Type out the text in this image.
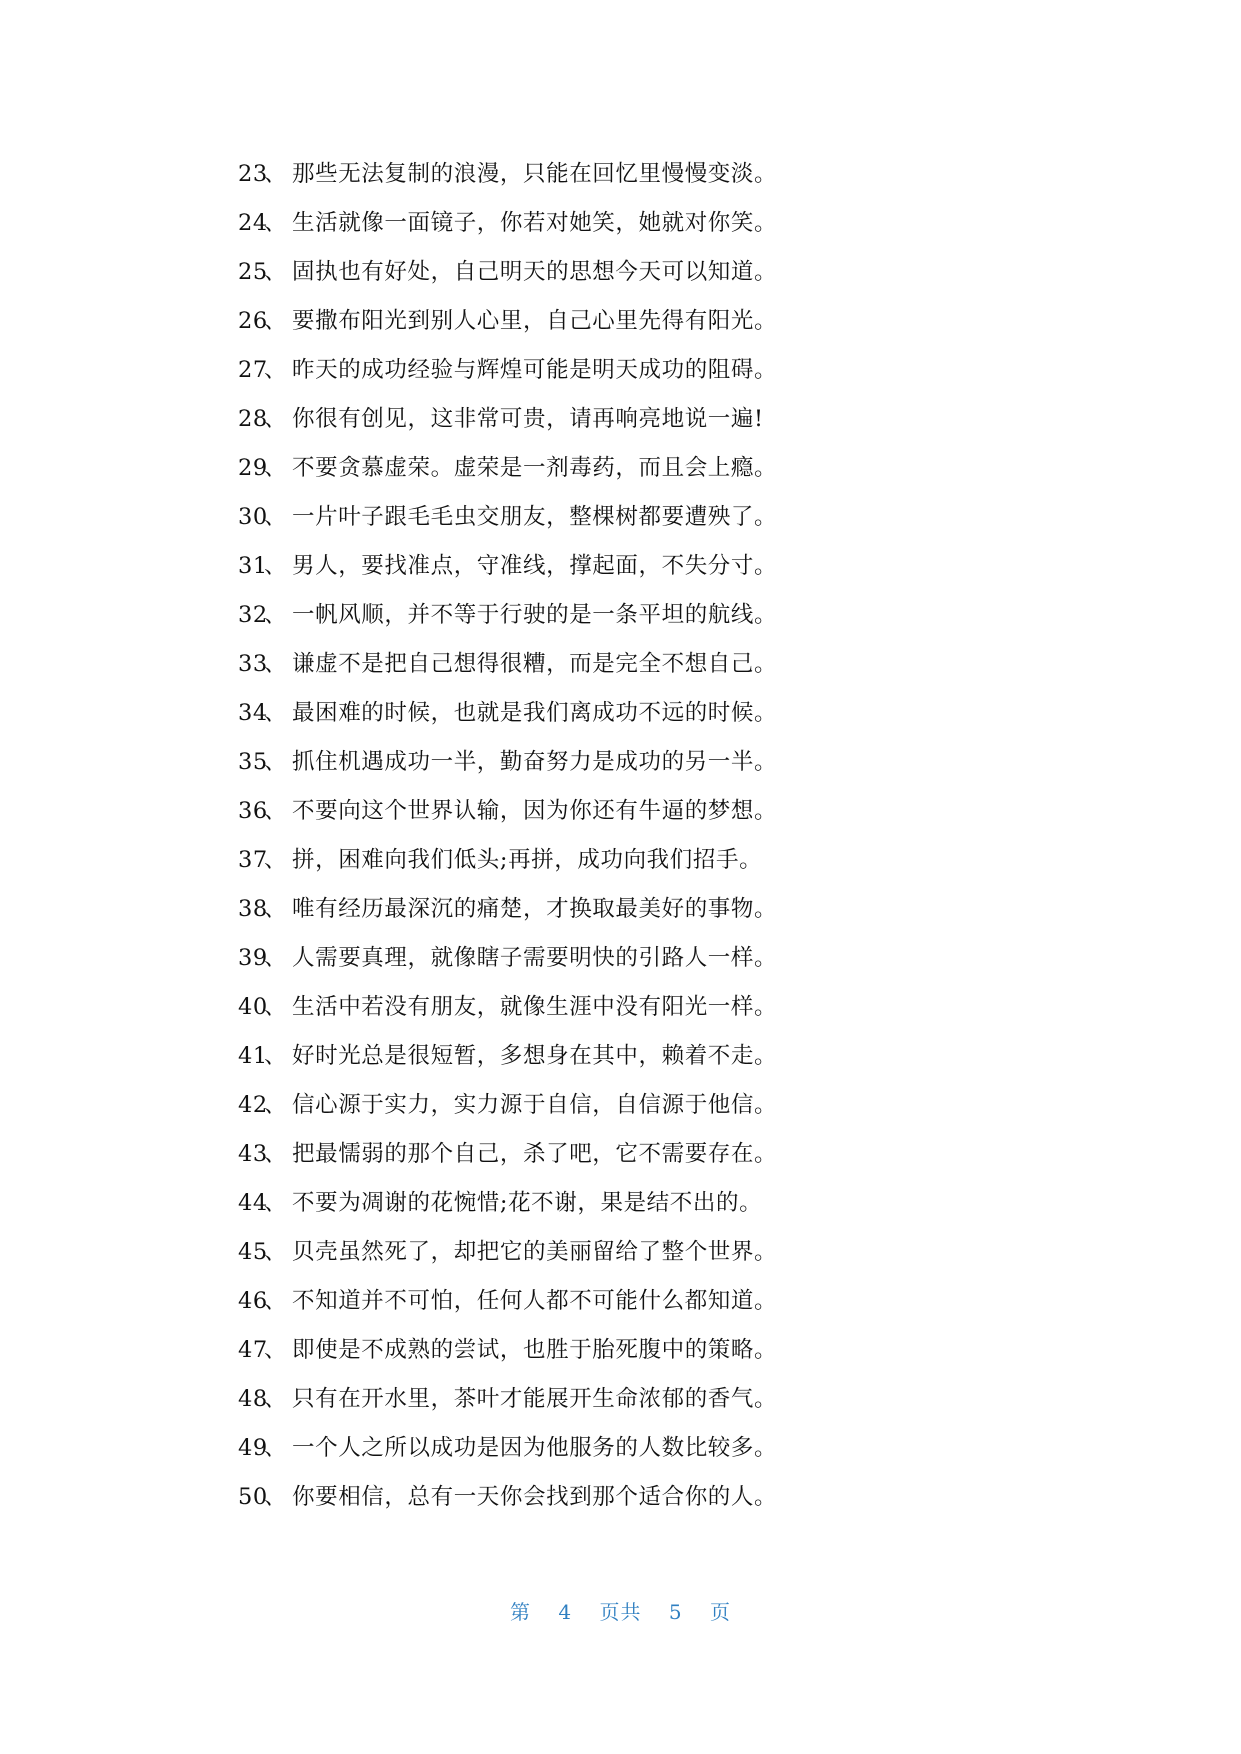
23、 那些无法复制的浪漫，只能在回忆里慢慢变淡。
24、 生活就像一面镜子，你若对她笑，她就对你笑。
25、 固执也有好处，自己明天的思想今天可以知道。
26、 要撒布阳光到别人心里，自己心里先得有阳光。
27、 昨天的成功经验与辉煌可能是明天成功的阻碍。
28、 你很有创见，这非常可贵，请再响亮地说一遍!
29、 不要贪慕虚荣。虚荣是一剂毒药，而且会上瘾。
30、 一片叶子跟毛毛虫交朋友，整棵树都要遭殃了。
31、 男人，要找准点，守准线，撑起面，不失分寸。
32、 一帆风顺，并不等于行驶的是一条平坦的航线。
33、 谦虚不是把自己想得很糟，而是完全不想自己。
34、 最困难的时候，也就是我们离成功不远的时候。
35、 抓住机遇成功一半，勤奋努力是成功的另一半。
36、 不要向这个世界认输，因为你还有牛逼的梦想。
37、 拼，困难向我们低头;再拼，成功向我们招手。
38、 唯有经历最深沉的痛楚，才换取最美好的事物。
39、 人需要真理，就像瞎子需要明快的引路人一样。
40、 生活中若没有朋友，就像生涯中没有阳光一样。
41、 好时光总是很短暂，多想身在其中，赖着不走。
42、 信心源于实力，实力源于自信，自信源于他信。
43、 把最懦弱的那个自己，杀了吧，它不需要存在。
44、 不要为凋谢的花惋惜;花不谢，果是结不出的。
45、 贝壳虽然死了，却把它的美丽留给了整个世界。
46、 不知道并不可怕，任何人都不可能什么都知道。
47、 即使是不成熟的尝试，也胜于胎死腹中的策略。
48、 只有在开水里，茶叶才能展开生命浓郁的香气。
49、 一个人之所以成功是因为他服务的人数比较多。
50、 你要相信，总有一天你会找到那个适合你的人。
第 4 页共 5 页
